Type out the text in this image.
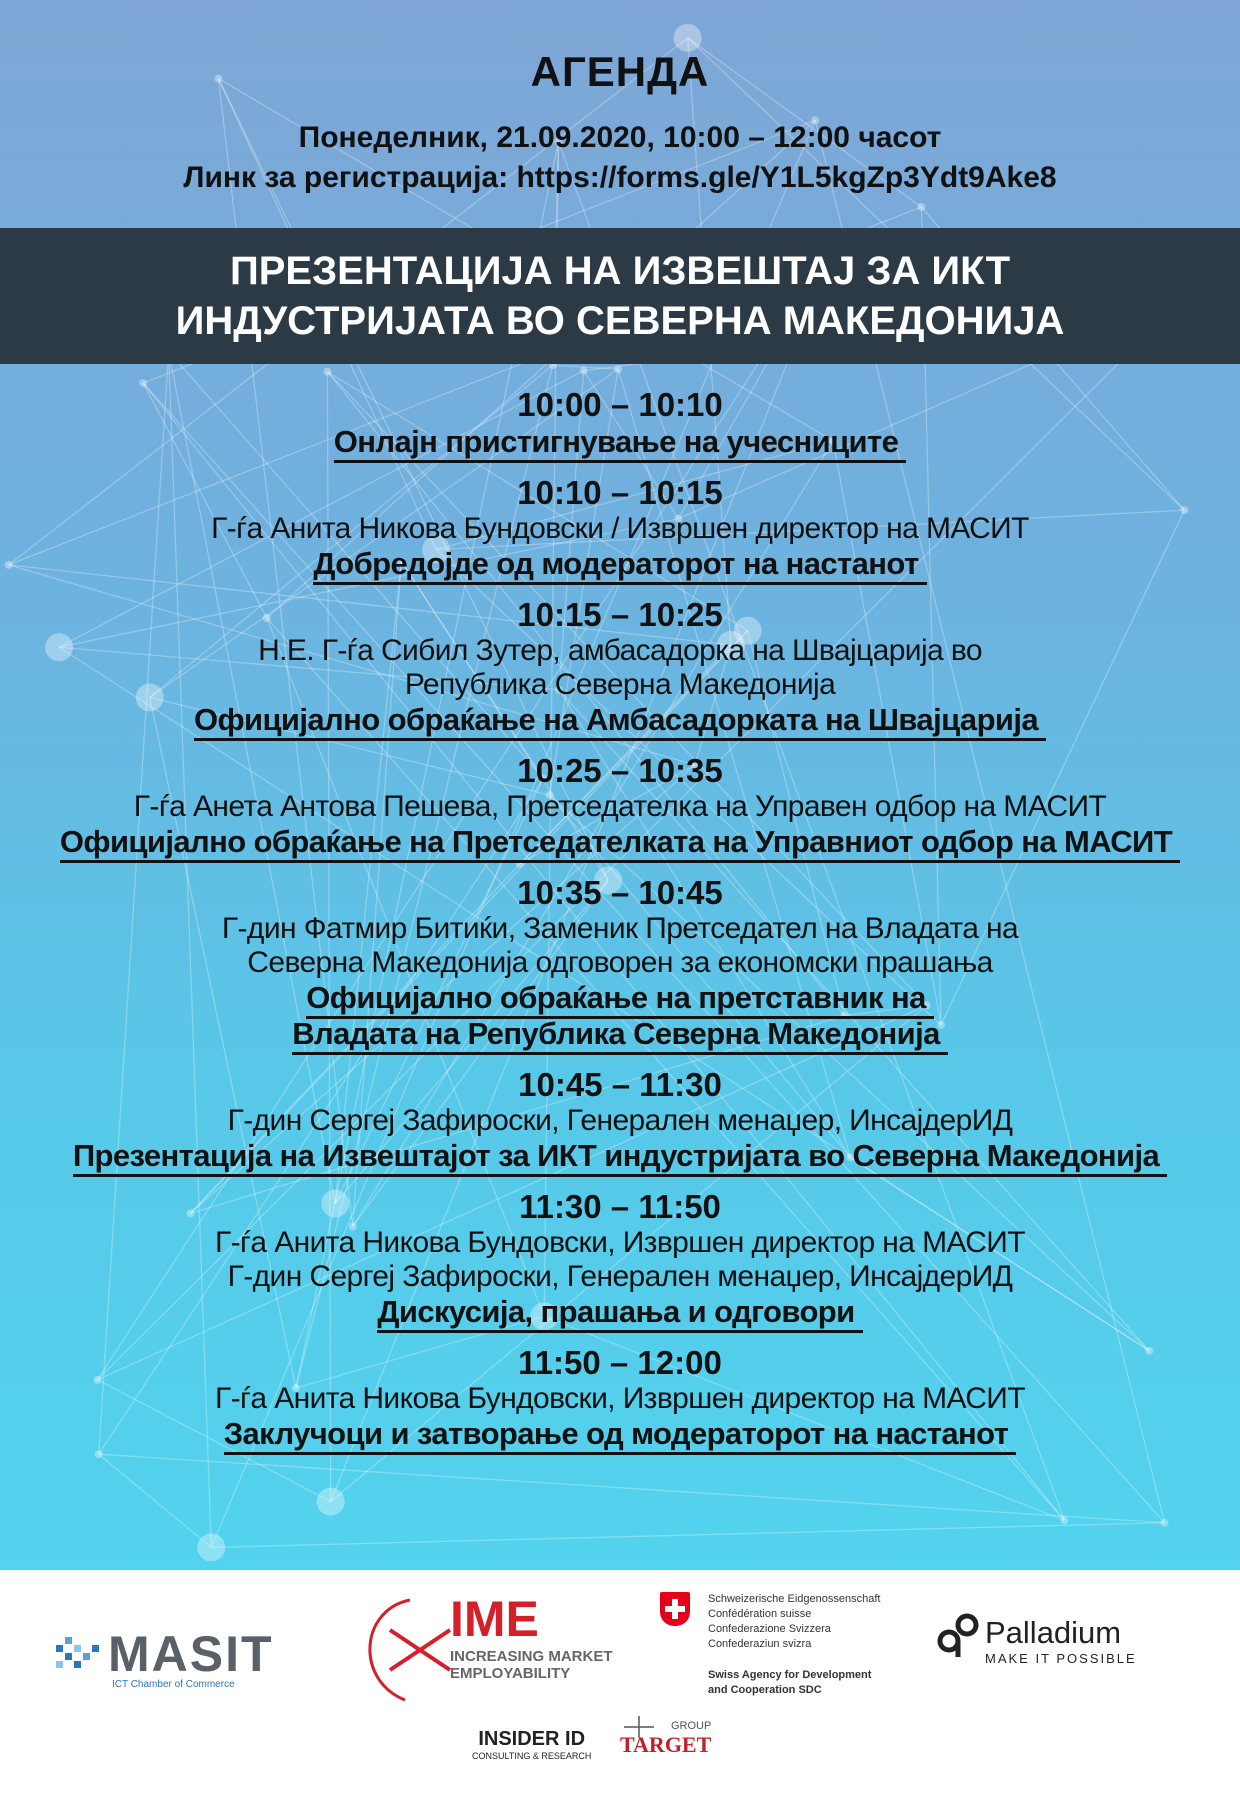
АГЕНДА
Понеделник, 21.09.2020, 10:00 – 12:00 часот
Линк за регистрација: https://forms.gle/Y1L5kgZp3Ydt9Ake8
ПРЕЗЕНТАЦИЈА НА ИЗВЕШТАЈ ЗА ИКТ
ИНДУСТРИЈАТА ВО СЕВЕРНА МАКЕДОНИЈА
10:00 – 10:10
Онлајн пристигнување на учесниците
10:10 – 10:15
Г-ѓа Анита Никова Бундовски / Извршен директор на МАСИТ
Добредојде од модераторот на настанот
10:15 – 10:25
Н.Е. Г-ѓа Сибил Зутер, амбасадорка на Швајцарија во
Република Северна Македонија
Официјално обраќање на Амбасадорката на Швајцарија
10:25 – 10:35
Г-ѓа Анета Антова Пешева, Претседателка на Управен одбор на МАСИТ
Официјално обраќање на Претседателката на Управниот одбор на МАСИТ
10:35 – 10:45
Г-дин Фатмир Битиќи, Заменик Претседател на Владата на
Северна Македонија одговорен за економски прашања
Официјално обраќање на претставник на
Владата на Република Северна Македонија
10:45 – 11:30
Г-дин Сергеј Зафироски, Генерален менаџер, ИнсајдерИД
Презентација на Извештајот за ИКТ индустријата во Северна Македонија
11:30 – 11:50
Г-ѓа Анита Никова Бундовски, Извршен директор на МАСИТ
Г-дин Сергеј Зафироски, Генерален менаџер, ИнсајдерИД
Дискусија, прашања и одговори
11:50 – 12:00
Г-ѓа Анита Никова Бундовски, Извршен директор на МАСИТ
Заклучоци и затворање од модераторот на настанот
MASIT
ICT Chamber of Commerce
IME
INCREASING MARKET
EMPLOYABILITY
Schweizerische Eidgenossenschaft
Confédération suisse
Confederazione Svizzera
Confederaziun svizra
Swiss Agency for Development
and Cooperation SDC
Palladium
MAKE IT POSSIBLE
INSIDER ID
CONSULTING & RESEARCH
GROUP
TARGET
